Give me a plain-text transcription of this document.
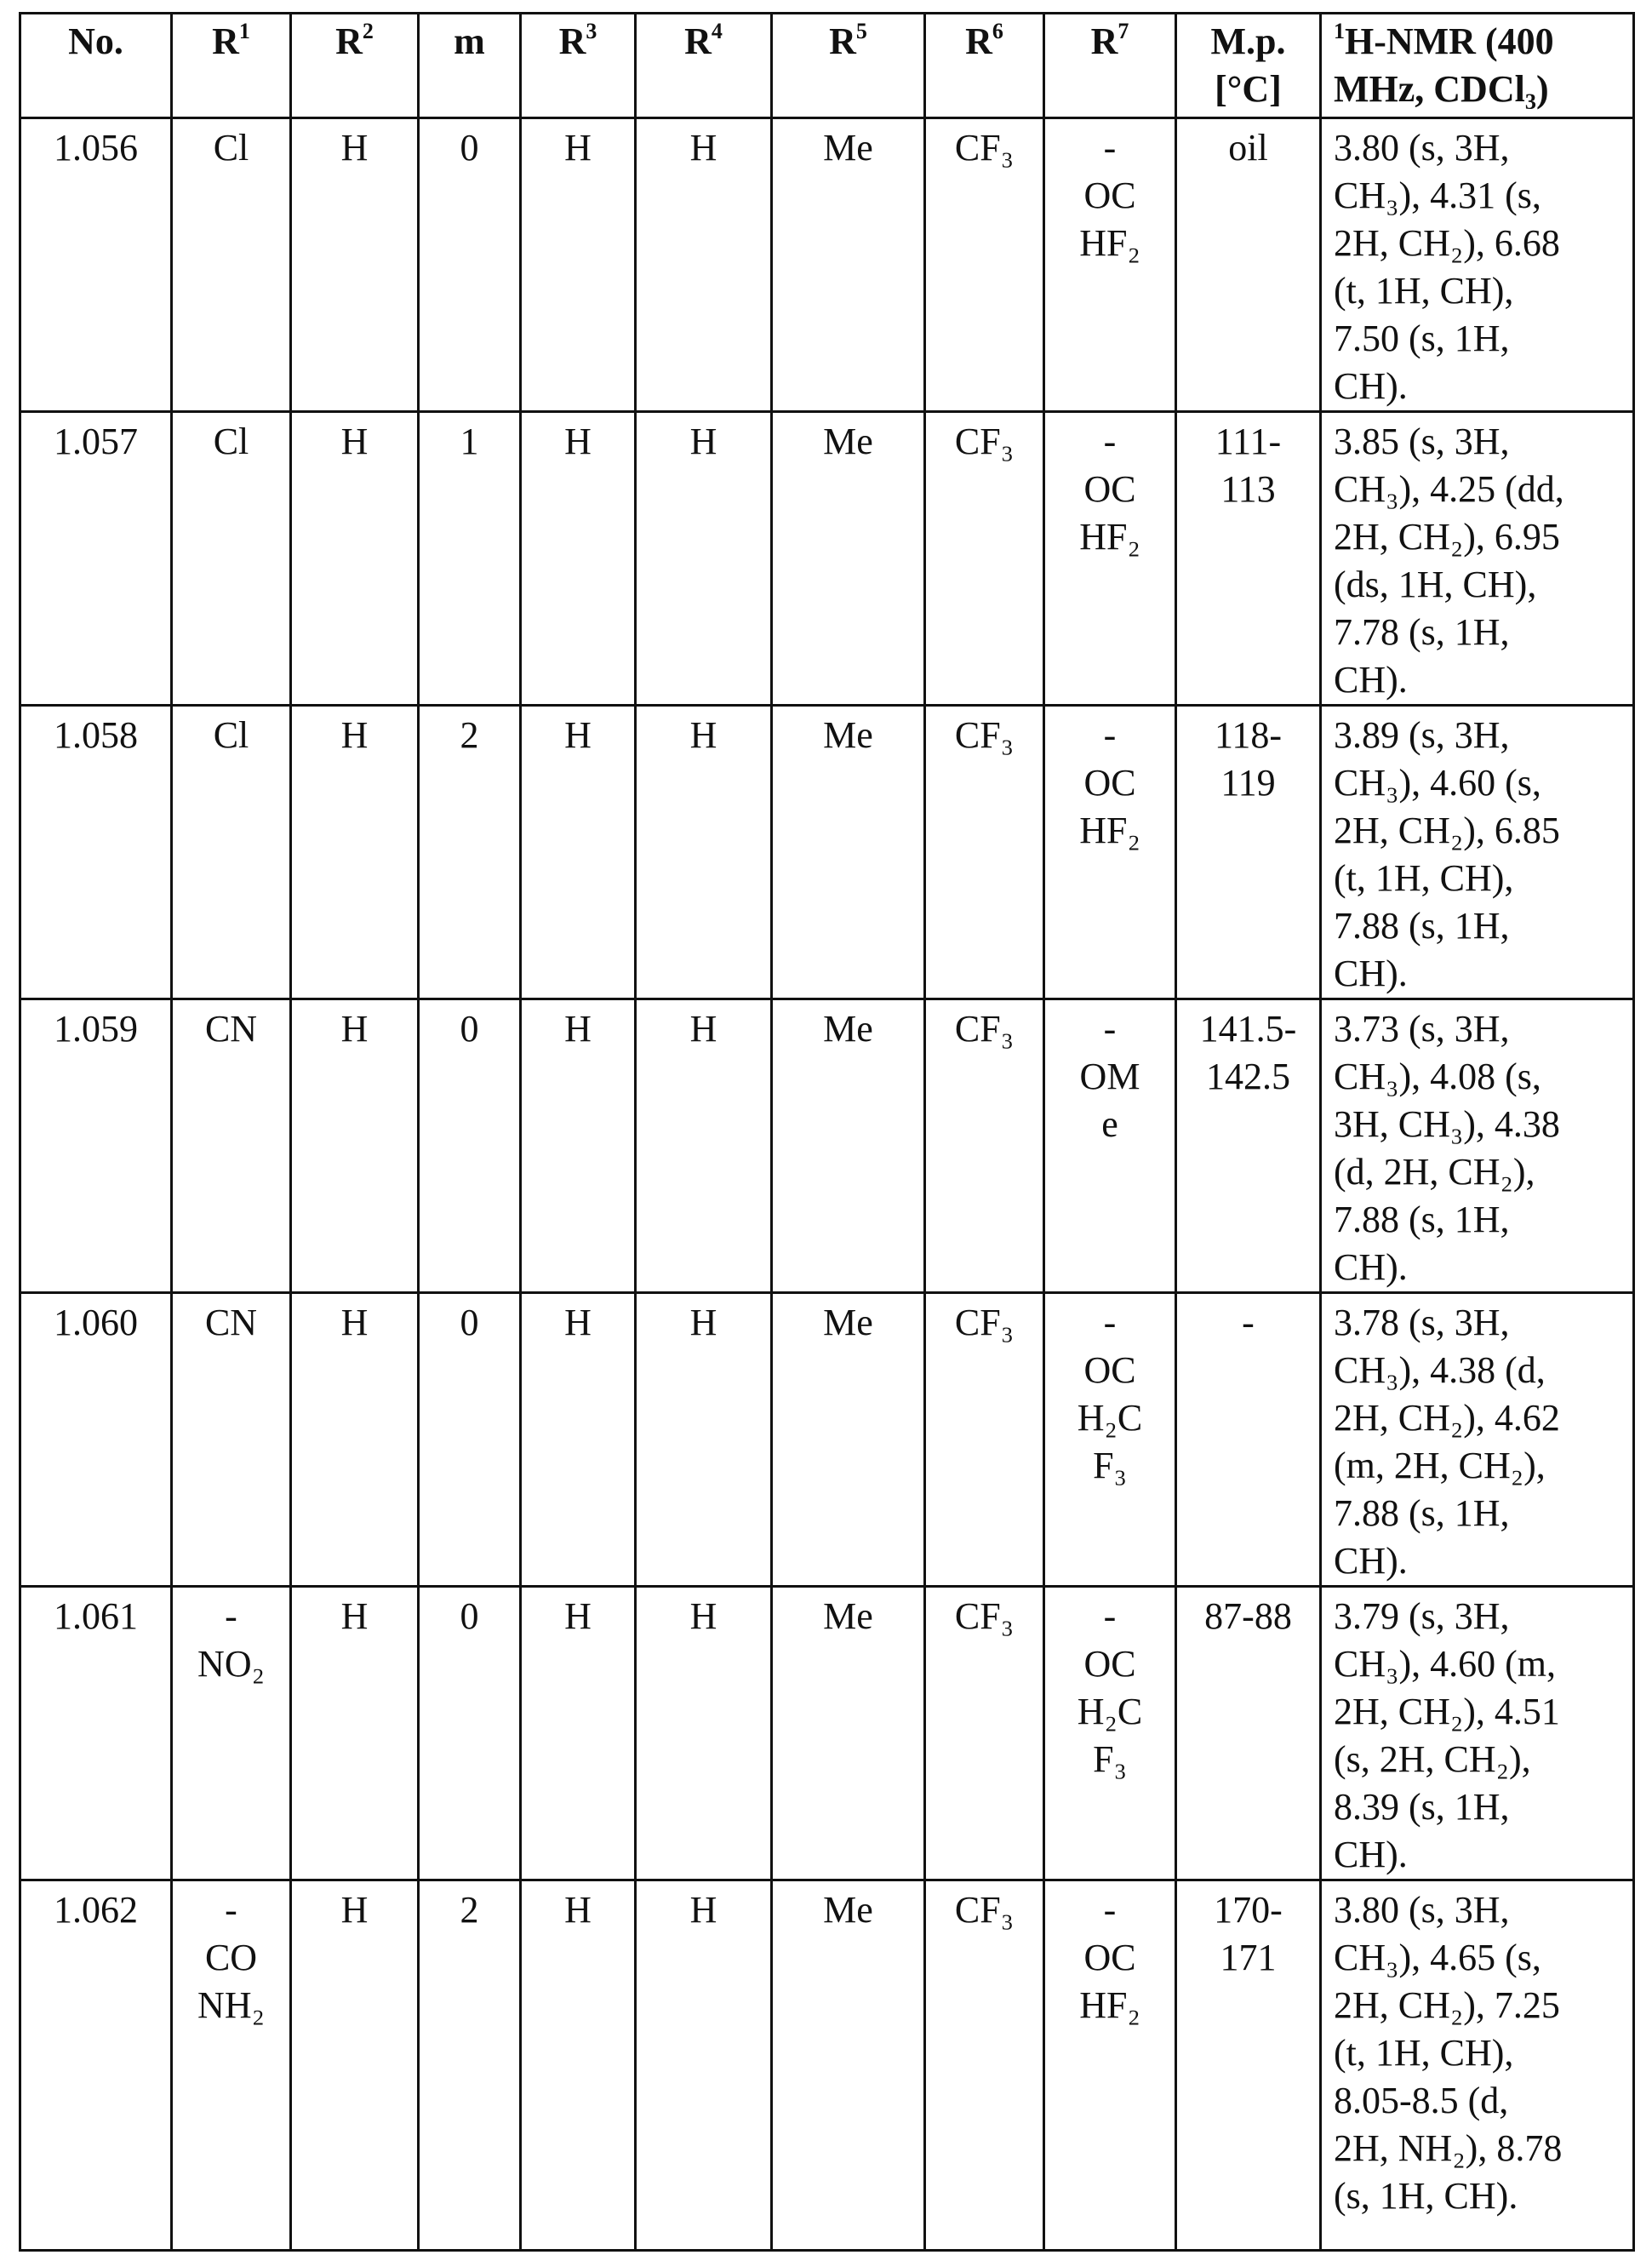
No.	$R^1$	$R^2$	m	$R^3$	$R^4$	$R^5$	$R^6$	$R^7$	M.p.
[°C]	$^1$H-NMR (400
MHz, CDCl₃)
1.056	Cl	H	0	H	H	Me	CF₃	-
OC
HF₂	oil	3.80 (s, 3H,
CH₃), 4.31 (s,
2H, CH₂), 6.68
(t, 1H, CH),
7.50 (s, 1H,
CH).
1.057	Cl	H	1	H	H	Me	CF₃	-
OC
HF₂	111-
113	3.85 (s, 3H,
CH₃), 4.25 (dd,
2H, CH₂), 6.95
(ds, 1H, CH),
7.78 (s, 1H,
CH).
1.058	Cl	H	2	H	H	Me	CF₃	-
OC
HF₂	118-
119	3.89 (s, 3H,
CH₃), 4.60 (s,
2H, CH₂), 6.85
(t, 1H, CH),
7.88 (s, 1H,
CH).
1.059	CN	H	0	H	H	Me	CF₃	-
OM
e	141.5-
142.5	3.73 (s, 3H,
CH₃), 4.08 (s,
3H, CH₃), 4.38
(d, 2H, CH₂),
7.88 (s, 1H,
CH).
1.060	CN	H	0	H	H	Me	CF₃	-
OC
H₂C
F₃	-	3.78 (s, 3H,
CH₃), 4.38 (d,
2H, CH₂), 4.62
(m, 2H, CH₂),
7.88 (s, 1H,
CH).
1.061	-
NO₂	H	0	H	H	Me	CF₃	-
OC
H₂C
F₃	87-88	3.79 (s, 3H,
CH₃), 4.60 (m,
2H, CH₂), 4.51
(s, 2H, CH₂),
8.39 (s, 1H,
CH).
1.062	-
CO
NH₂	H	2	H	H	Me	CF₃	-
OC
HF₂	170-
171	3.80 (s, 3H,
CH₃), 4.65 (s,
2H, CH₂), 7.25
(t, 1H, CH),
8.05-8.5 (d,
2H, NH₂), 8.78
(s, 1H, CH).
